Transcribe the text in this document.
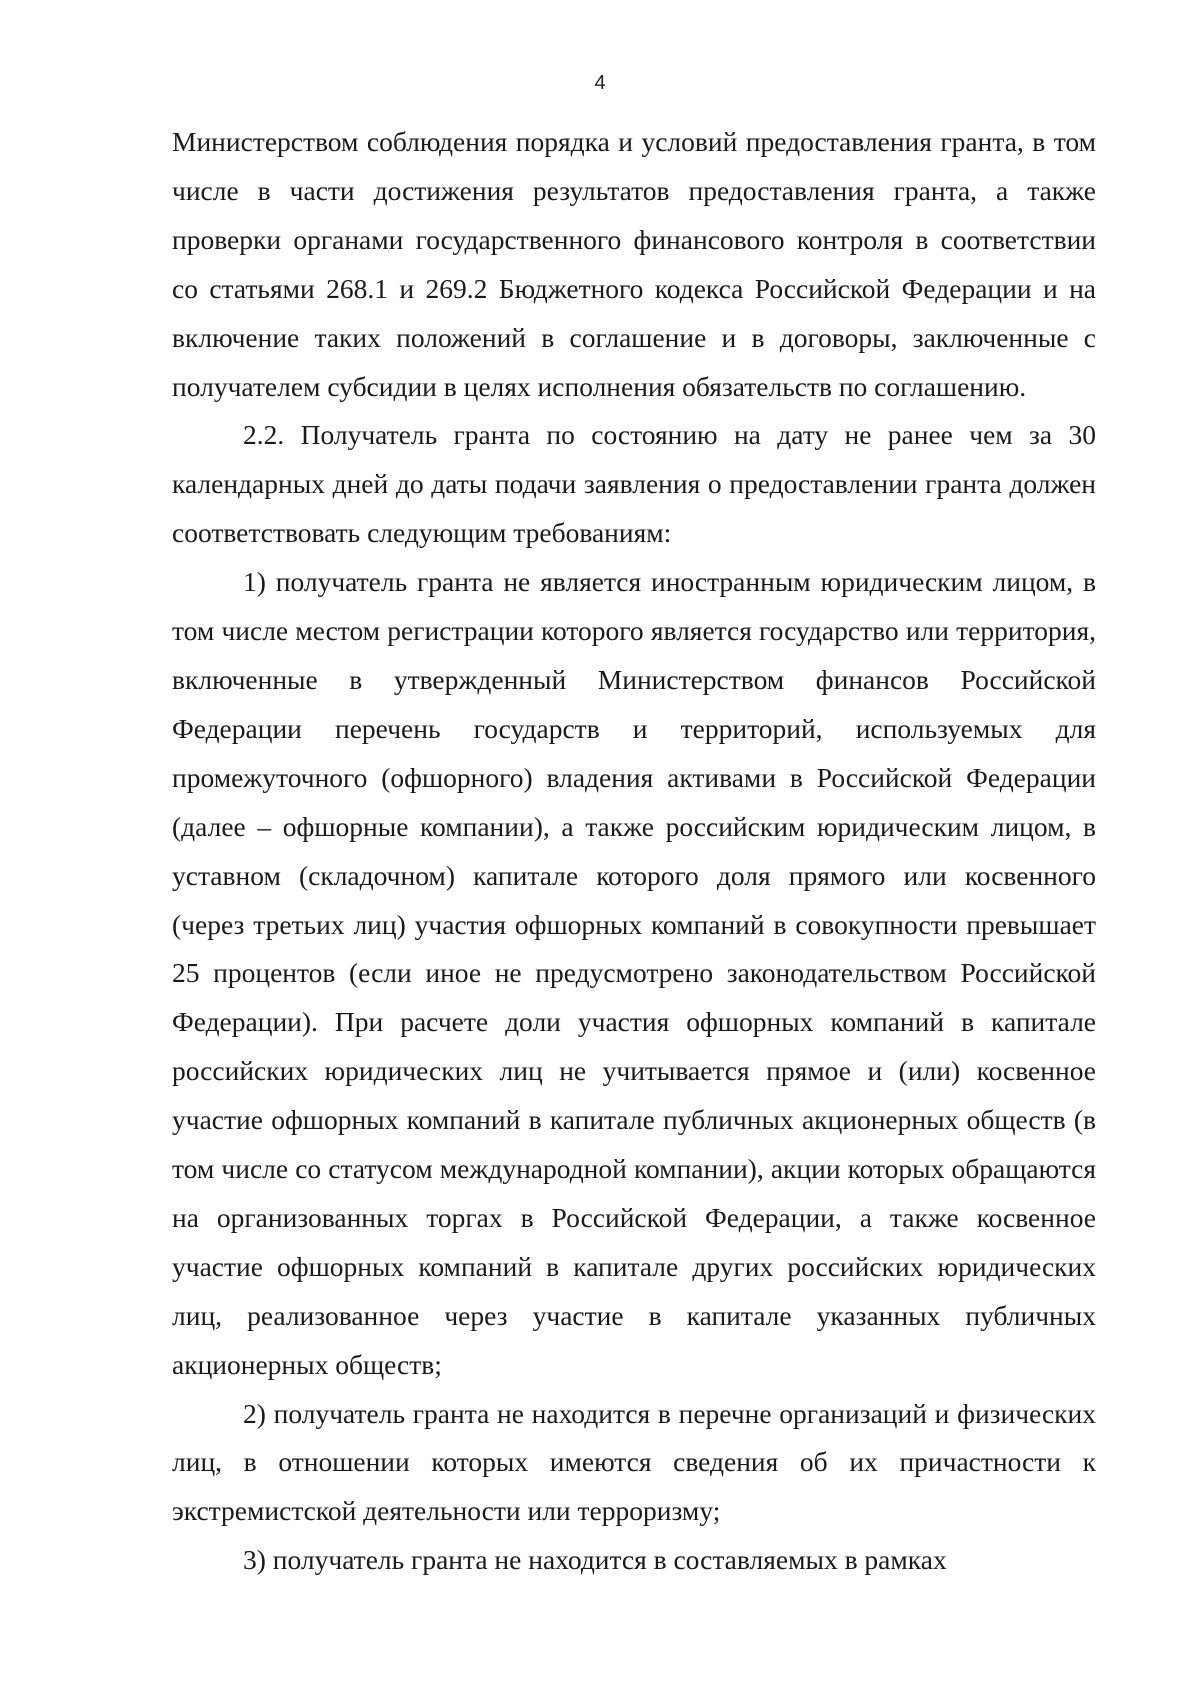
4

Министерством соблюдения порядка и условий предоставления гранта, в том числе в части достижения результатов предоставления гранта, а также проверки органами государственного финансового контроля в соответствии со статьями 268.1 и 269.2 Бюджетного кодекса Российской Федерации и на включение таких положений в соглашение и в договоры, заключенные с получателем субсидии в целях исполнения обязательств по соглашению.

2.2. Получатель гранта по состоянию на дату не ранее чем за 30 календарных дней до даты подачи заявления о предоставлении гранта должен соответствовать следующим требованиям:

1) получатель гранта не является иностранным юридическим лицом, в том числе местом регистрации которого является государство или территория, включенные в утвержденный Министерством финансов Российской Федерации перечень государств и территорий, используемых для промежуточного (офшорного) владения активами в Российской Федерации (далее – офшорные компании), а также российским юридическим лицом, в уставном (складочном) капитале которого доля прямого или косвенного (через третьих лиц) участия офшорных компаний в совокупности превышает 25 процентов (если иное не предусмотрено законодательством Российской Федерации). При расчете доли участия офшорных компаний в капитале российских юридических лиц не учитывается прямое и (или) косвенное участие офшорных компаний в капитале публичных акционерных обществ (в том числе со статусом международной компании), акции которых обращаются на организованных торгах в Российской Федерации, а также косвенное участие офшорных компаний в капитале других российских юридических лиц, реализованное через участие в капитале указанных публичных акционерных обществ;

2) получатель гранта не находится в перечне организаций и физических лиц, в отношении которых имеются сведения об их причастности к экстремистской деятельности или терроризму;

3) получатель гранта не находится в составляемых в рамках
